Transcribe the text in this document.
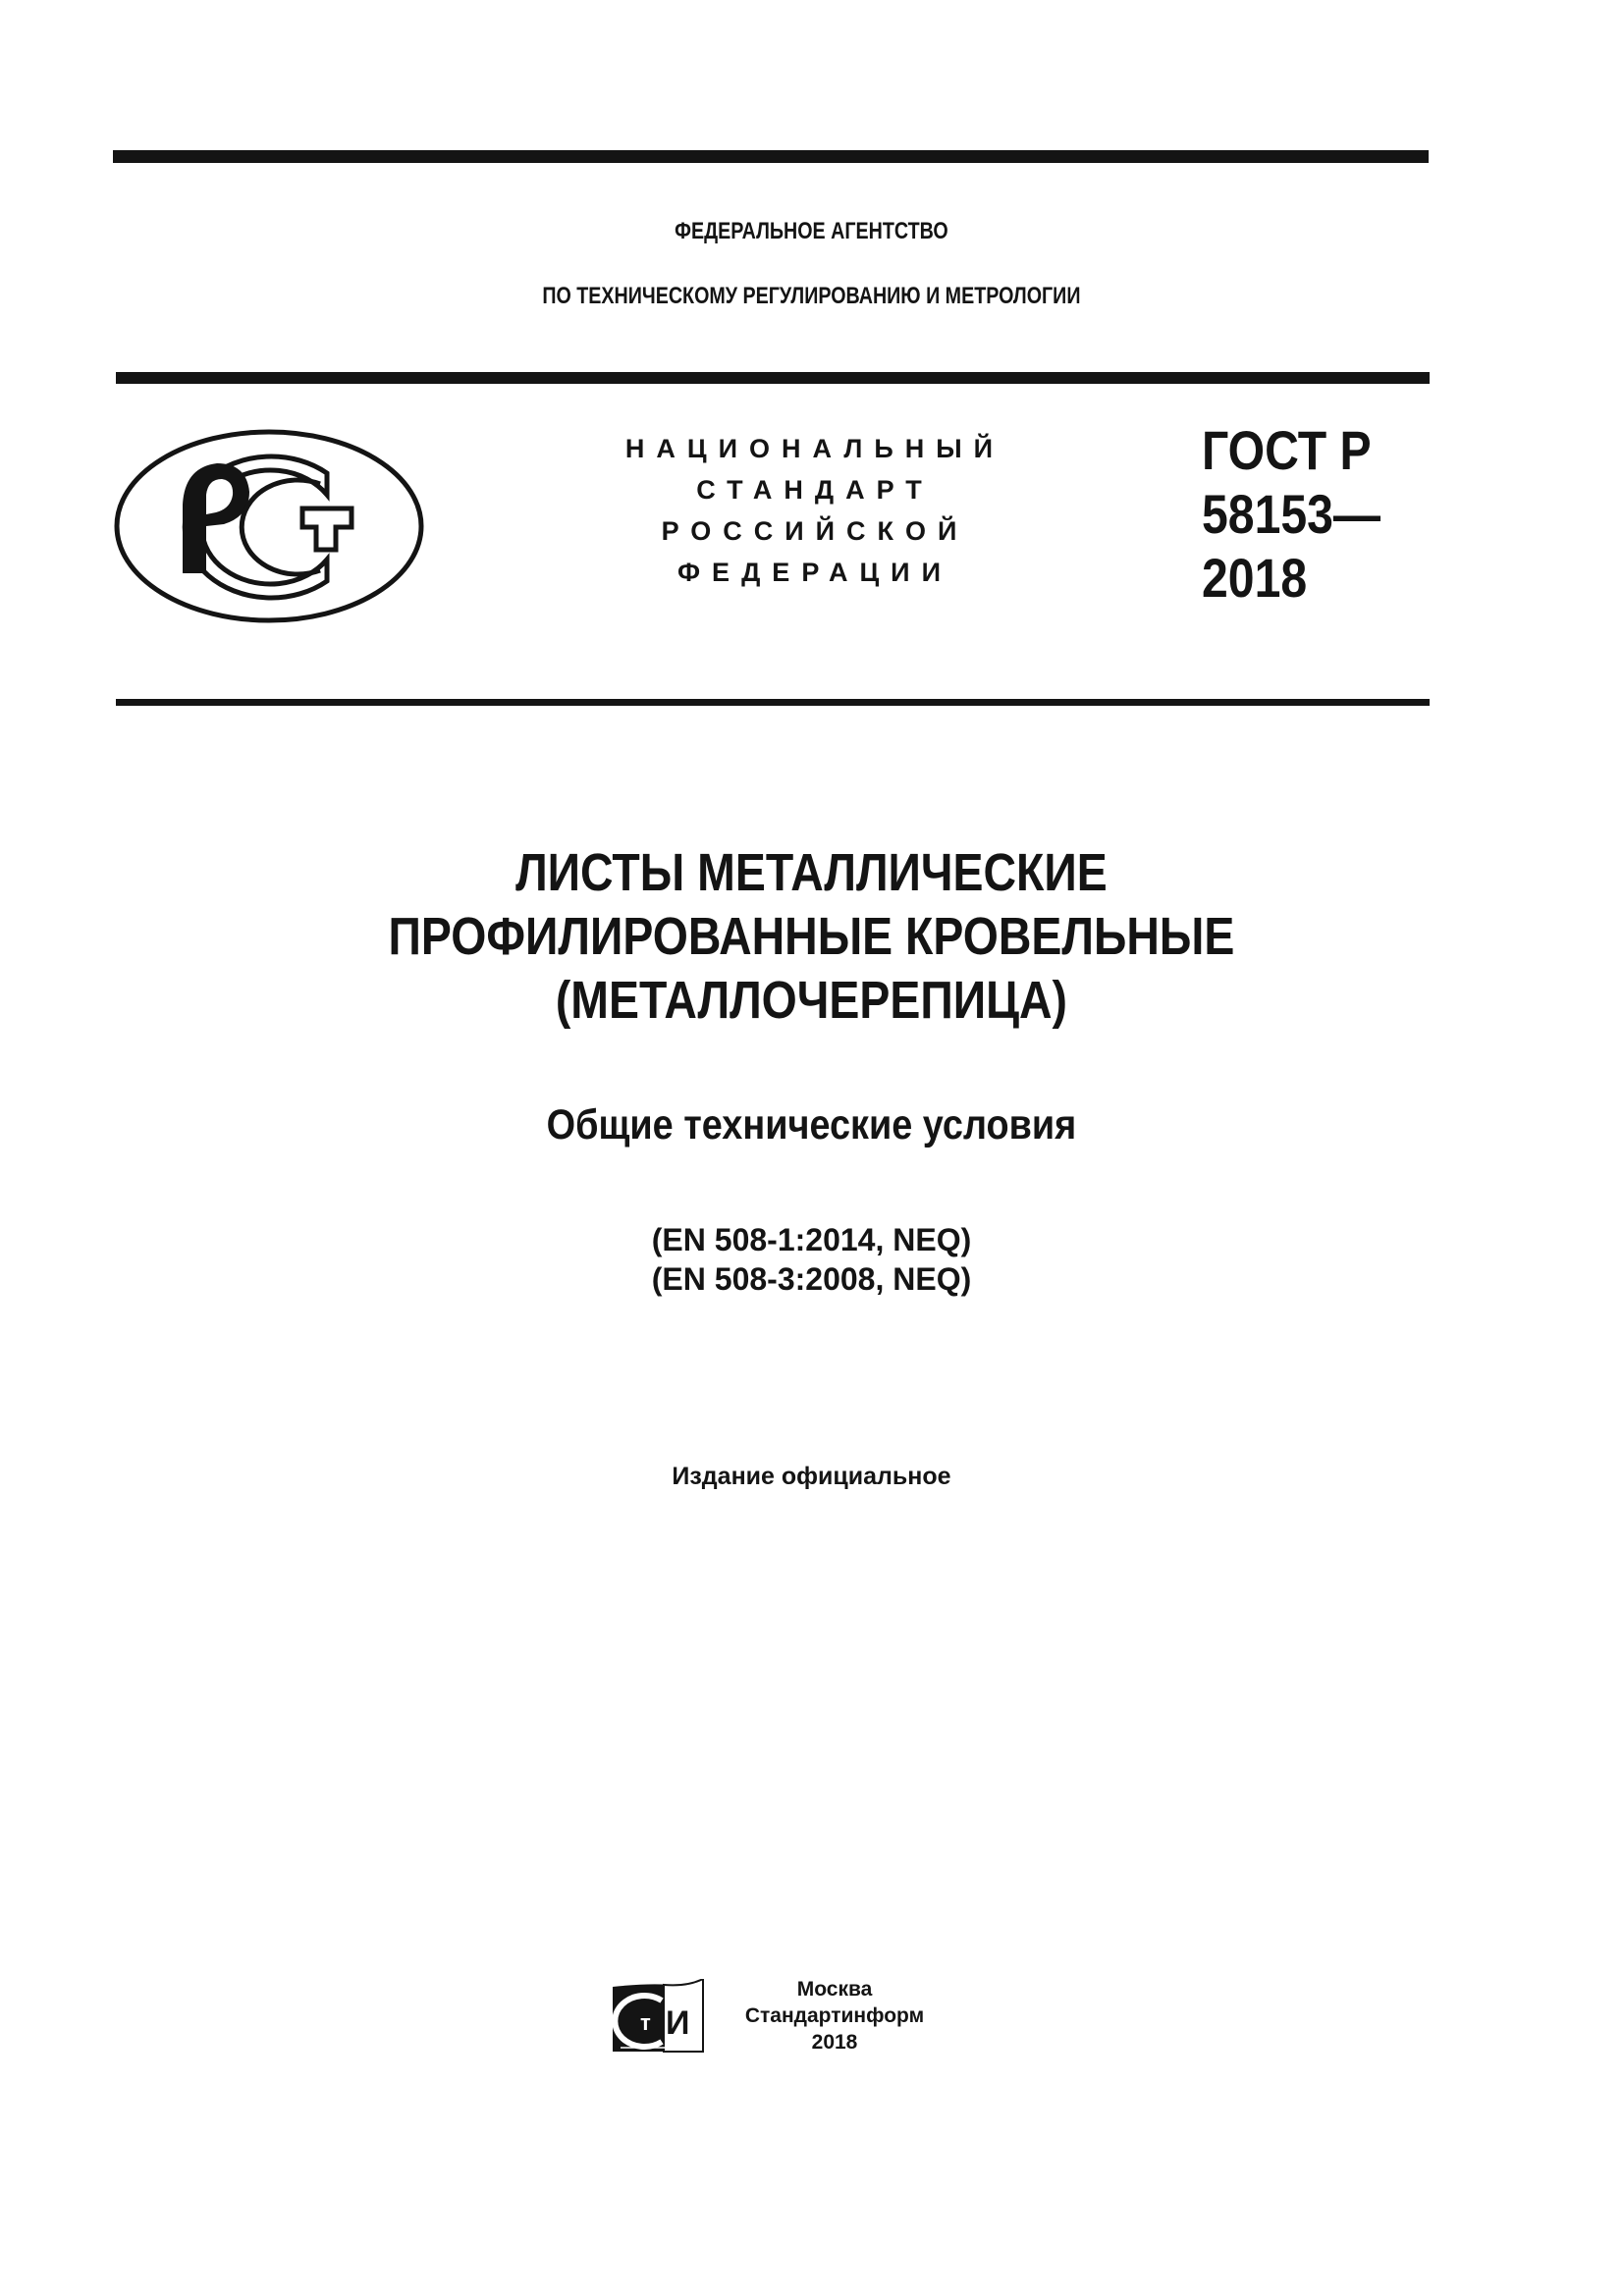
ФЕДЕРАЛЬНОЕ АГЕНТСТВО
ПО ТЕХНИЧЕСКОМУ РЕГУЛИРОВАНИЮ И МЕТРОЛОГИИ
НАЦИОНАЛЬНЫЙ
СТАНДАРТ
РОССИЙСКОЙ
ФЕДЕРАЦИИ
ГОСТ Р
58153—
2018
ЛИСТЫ МЕТАЛЛИЧЕСКИЕ
ПРОФИЛИРОВАННЫЕ КРОВЕЛЬНЫЕ
(МЕТАЛЛОЧЕРЕПИЦА)
Общие технические условия
(EN 508-1:2014, NEQ)
(EN 508-3:2008, NEQ)
Издание официальное
т И
Москва
Стандартинформ
2018
